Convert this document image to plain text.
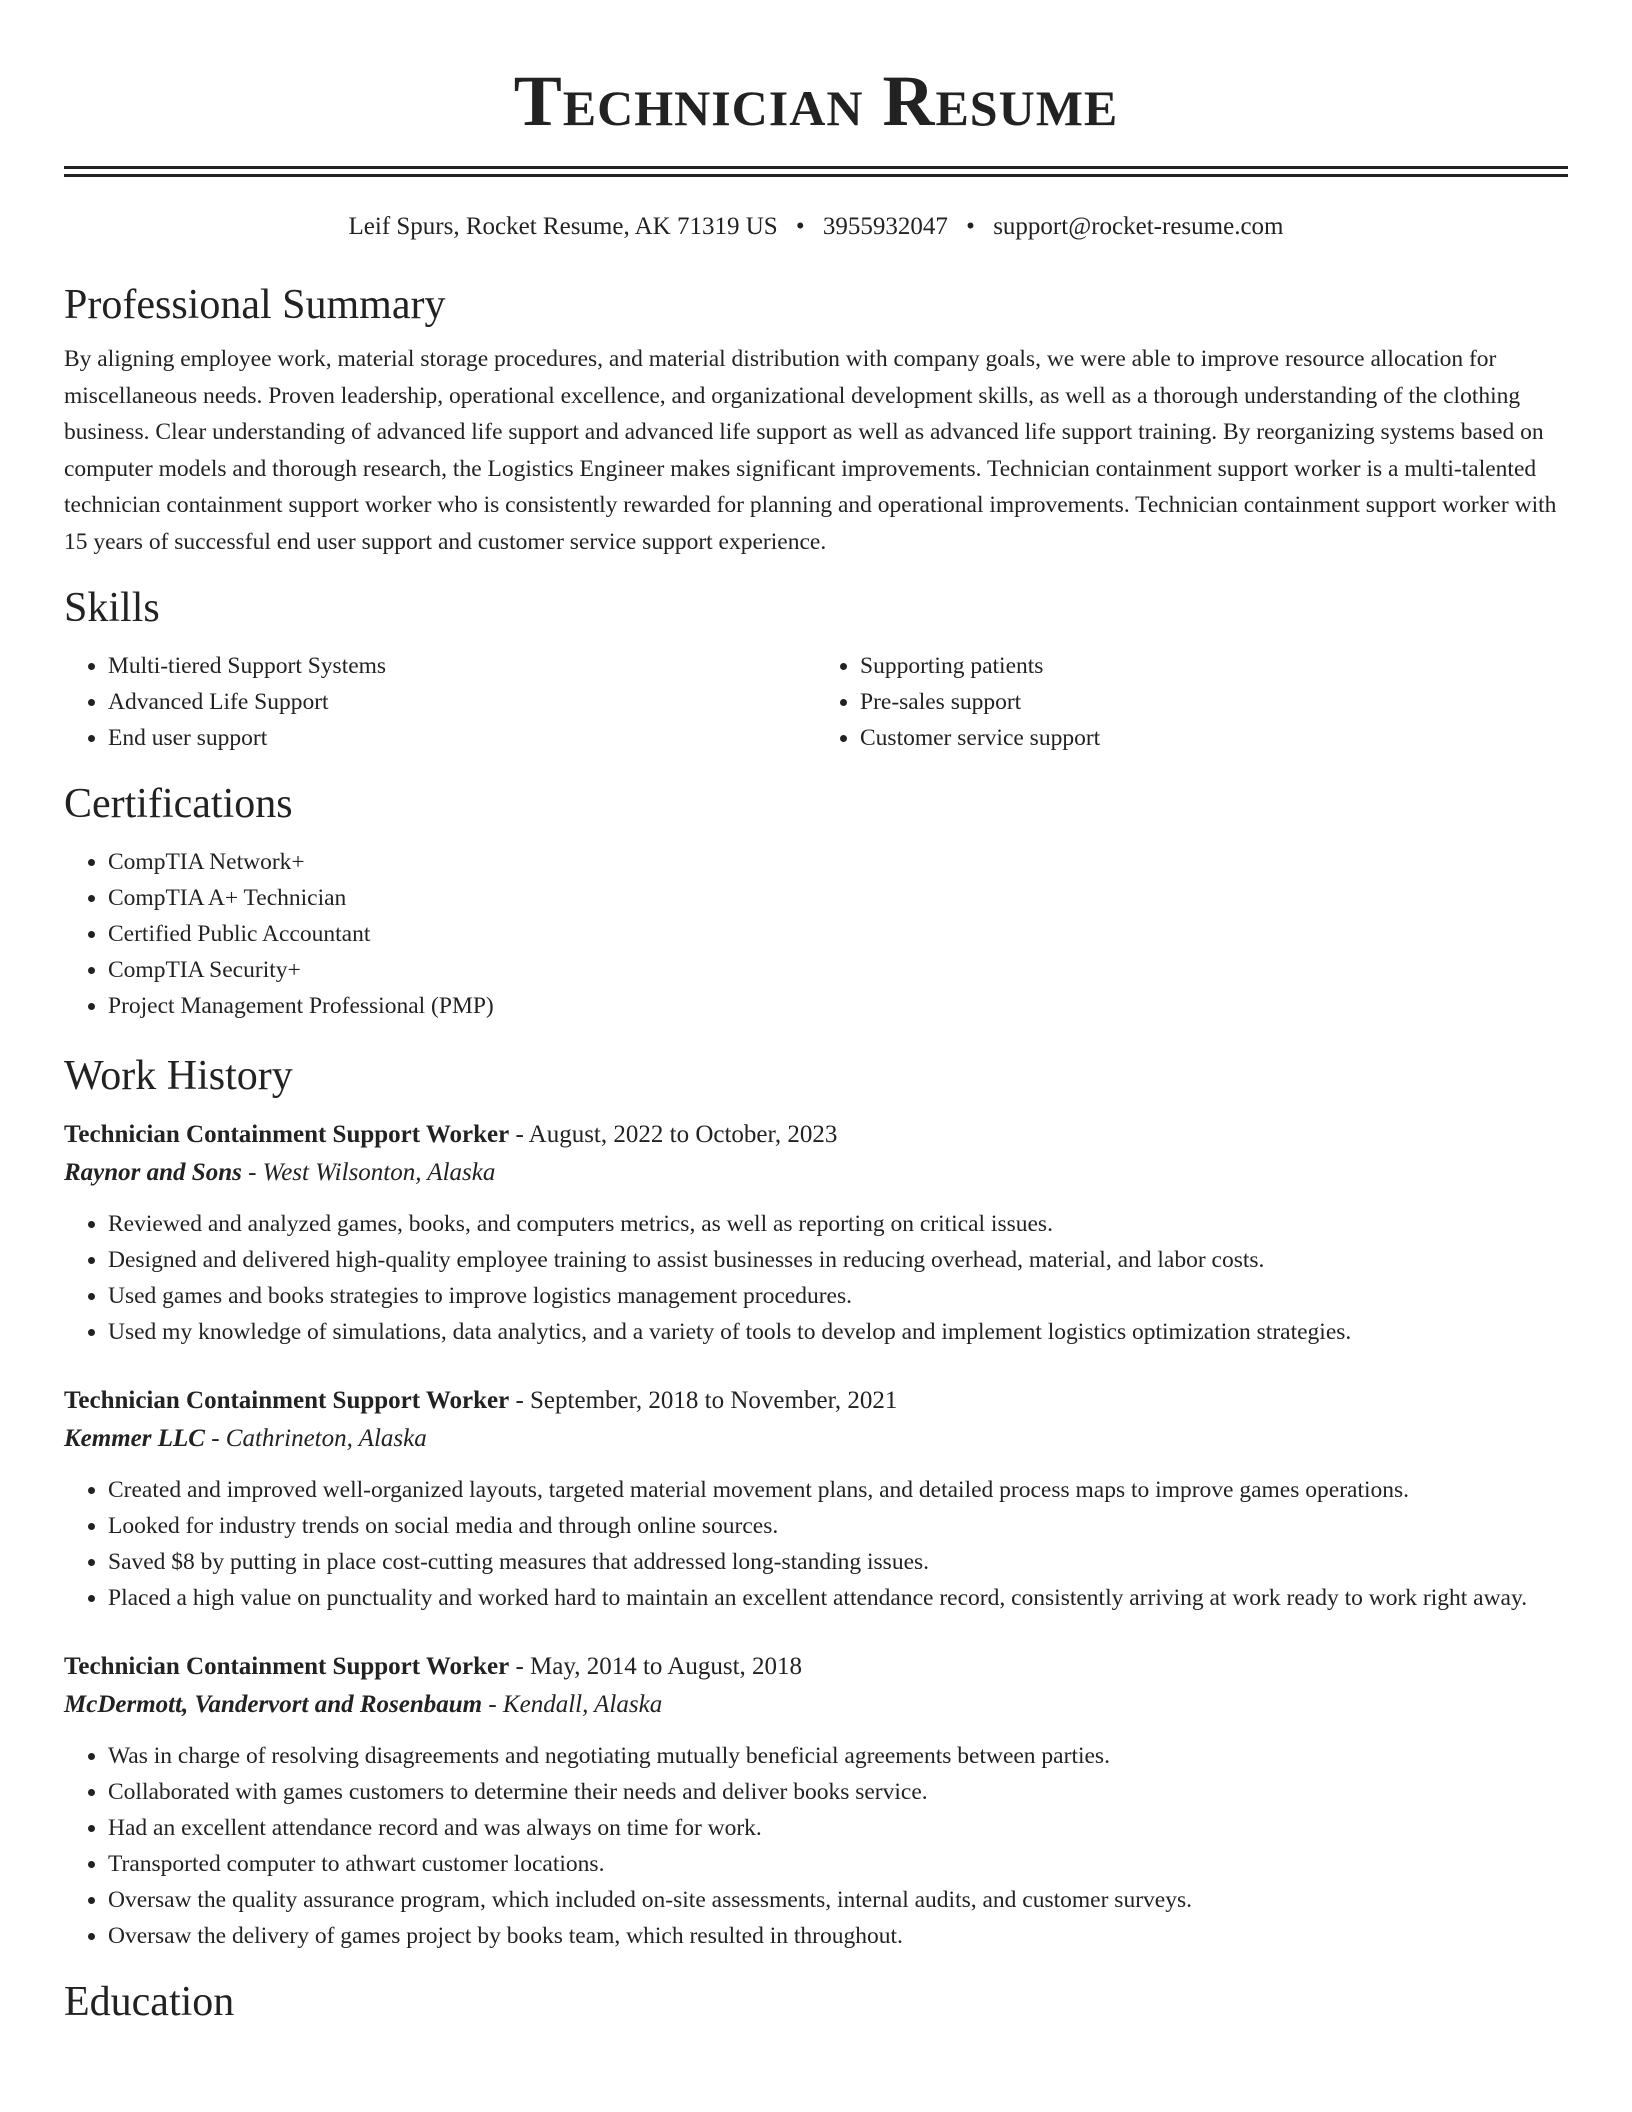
Technician Resume
Leif Spurs, Rocket Resume, AK 71319 US • 3955932047 • support@rocket-resume.com
Professional Summary

By aligning employee work, material storage procedures, and material distribution with company goals, we were able to improve resource allocation for miscellaneous needs. Proven leadership, operational excellence, and organizational development skills, as well as a thorough understanding of the clothing business. Clear understanding of advanced life support and advanced life support as well as advanced life support training. By reorganizing systems based on computer models and thorough research, the Logistics Engineer makes significant improvements. Technician containment support worker is a multi-talented technician containment support worker who is consistently rewarded for planning and operational improvements. Technician containment support worker with 15 years of successful end user support and customer service support experience.

Skills
• Multi-tiered Support Systems
• Advanced Life Support
• End user support
• Supporting patients
• Pre-sales support
• Customer service support
Certifications
• CompTIA Network+
• CompTIA A+ Technician
• Certified Public Accountant
• CompTIA Security+
• Project Management Professional (PMP)
Work History
Technician Containment Support Worker - August, 2022 to October, 2023
Raynor and Sons - West Wilsonton, Alaska
• Reviewed and analyzed games, books, and computers metrics, as well as reporting on critical issues.
• Designed and delivered high-quality employee training to assist businesses in reducing overhead, material, and labor costs.
• Used games and books strategies to improve logistics management procedures.
• Used my knowledge of simulations, data analytics, and a variety of tools to develop and implement logistics optimization strategies.
Technician Containment Support Worker - September, 2018 to November, 2021
Kemmer LLC - Cathrineton, Alaska
• Created and improved well-organized layouts, targeted material movement plans, and detailed process maps to improve games operations.
• Looked for industry trends on social media and through online sources.
• Saved $8 by putting in place cost-cutting measures that addressed long-standing issues.
• Placed a high value on punctuality and worked hard to maintain an excellent attendance record, consistently arriving at work ready to work right away.
Technician Containment Support Worker - May, 2014 to August, 2018
McDermott, Vandervort and Rosenbaum - Kendall, Alaska
• Was in charge of resolving disagreements and negotiating mutually beneficial agreements between parties.
• Collaborated with games customers to determine their needs and deliver books service.
• Had an excellent attendance record and was always on time for work.
• Transported computer to athwart customer locations.
• Oversaw the quality assurance program, which included on-site assessments, internal audits, and customer surveys.
• Oversaw the delivery of games project by books team, which resulted in throughout.
Education
